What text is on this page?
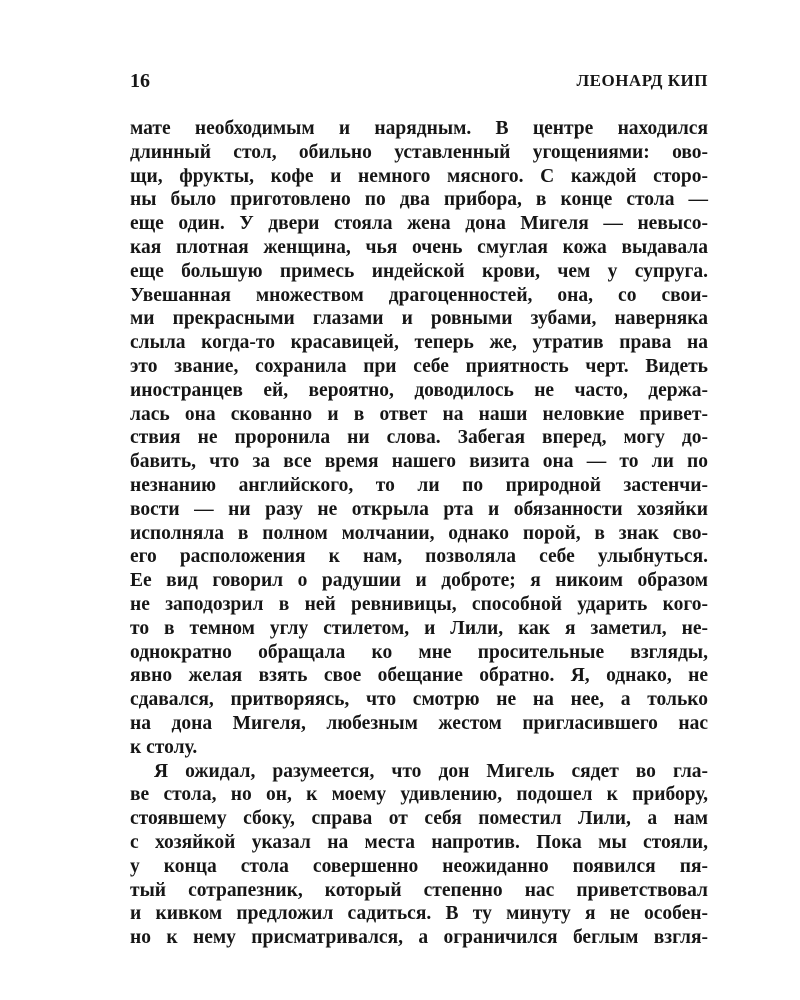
16	ЛЕОНАРД КИП
мате необходимым и нарядным. В центре находился
длинный стол, обильно уставленный угощениями: ово-
щи, фрукты, кофе и немного мясного. С каждой сторо-
ны было приготовлено по два прибора, в конце стола —
еще один. У двери стояла жена дона Мигеля — невысо-
кая плотная женщина, чья очень смуглая кожа выдавала
еще большую примесь индейской крови, чем у супруга.
Увешанная множеством драгоценностей, она, со свои-
ми прекрасными глазами и ровными зубами, наверняка
слыла когда-то красавицей, теперь же, утратив права на
это звание, сохранила при себе приятность черт. Видеть
иностранцев ей, вероятно, доводилось не часто, держа-
лась она скованно и в ответ на наши неловкие привет-
ствия не проронила ни слова. Забегая вперед, могу до-
бавить, что за все время нашего визита она — то ли по
незнанию английского, то ли по природной застенчи-
вости — ни разу не открыла рта и обязанности хозяйки
исполняла в полном молчании, однако порой, в знак сво-
его расположения к нам, позволяла себе улыбнуться.
Ее вид говорил о радушии и доброте; я никоим образом
не заподозрил в ней ревнивицы, способной ударить кого-
то в темном углу стилетом, и Лили, как я заметил, не-
однократно обращала ко мне просительные взгляды,
явно желая взять свое обещание обратно. Я, однако, не
сдавался, притворяясь, что смотрю не на нее, а только
на дона Мигеля, любезным жестом пригласившего нас
к столу.
Я ожидал, разумеется, что дон Мигель сядет во гла-
ве стола, но он, к моему удивлению, подошел к прибору,
стоявшему сбоку, справа от себя поместил Лили, а нам
с хозяйкой указал на места напротив. Пока мы стояли,
у конца стола совершенно неожиданно появился пя-
тый сотрапезник, который степенно нас приветствовал
и кивком предложил садиться. В ту минуту я не особен-
но к нему присматривался, а ограничился беглым взгля-
